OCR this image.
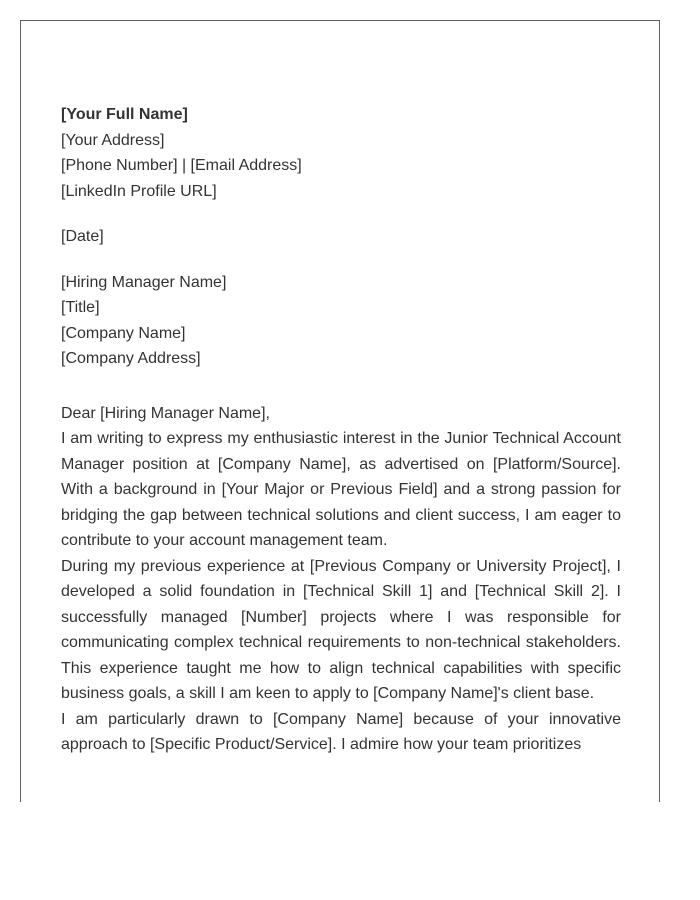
[Your Full Name]
[Your Address]
[Phone Number] | [Email Address]
[LinkedIn Profile URL]
[Date]
[Hiring Manager Name]
[Title]
[Company Name]
[Company Address]
Dear [Hiring Manager Name],

I am writing to express my enthusiastic interest in the Junior Technical Account Manager position at [Company Name], as advertised on [Platform/Source]. With a background in [Your Major or Previous Field] and a strong passion for bridging the gap between technical solutions and client success, I am eager to contribute to your account management team.

During my previous experience at [Previous Company or University Project], I developed a solid foundation in [Technical Skill 1] and [Technical Skill 2]. I successfully managed [Number] projects where I was responsible for communicating complex technical requirements to non-technical stakeholders. This experience taught me how to align technical capabilities with specific business goals, a skill I am keen to apply to [Company Name]'s client base.

I am particularly drawn to [Company Name] because of your innovative approach to [Specific Product/Service]. I admire how your team prioritizes
